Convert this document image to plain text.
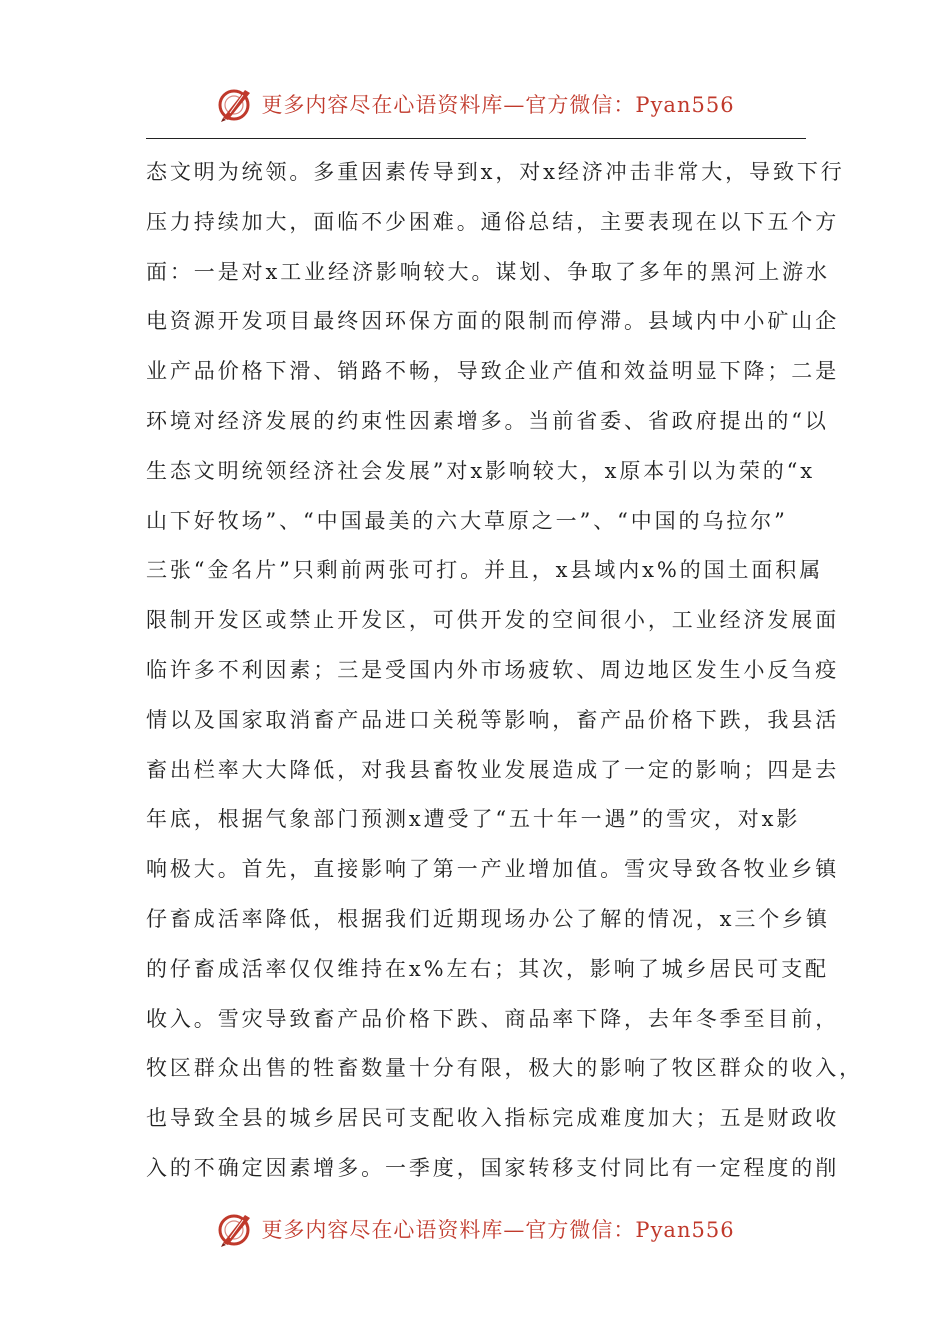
更多内容尽在心语资料库—官方微信：Pyan556
态文明为统领。多重因素传导到x，对x经济冲击非常大，导致下行
压力持续加大，面临不少困难。通俗总结，主要表现在以下五个方
面：一是对x工业经济影响较大。谋划、争取了多年的黑河上游水
电资源开发项目最终因环保方面的限制而停滞。县域内中小矿山企
业产品价格下滑、销路不畅，导致企业产值和效益明显下降；二是
环境对经济发展的约束性因素增多。当前省委、省政府提出的“以
生态文明统领经济社会发展”对x影响较大，x原本引以为荣的“x
山下好牧场”、“中国最美的六大草原之一”、“中国的乌拉尔”
三张“金名片”只剩前两张可打。并且，x县域内x%的国土面积属
限制开发区或禁止开发区，可供开发的空间很小，工业经济发展面
临许多不利因素；三是受国内外市场疲软、周边地区发生小反刍疫
情以及国家取消畜产品进口关税等影响，畜产品价格下跌，我县活
畜出栏率大大降低，对我县畜牧业发展造成了一定的影响；四是去
年底，根据气象部门预测x遭受了“五十年一遇”的雪灾，对x影
响极大。首先，直接影响了第一产业增加值。雪灾导致各牧业乡镇
仔畜成活率降低，根据我们近期现场办公了解的情况，x三个乡镇
的仔畜成活率仅仅维持在x%左右；其次，影响了城乡居民可支配
收入。雪灾导致畜产品价格下跌、商品率下降，去年冬季至目前，
牧区群众出售的牲畜数量十分有限，极大的影响了牧区群众的收入，
也导致全县的城乡居民可支配收入指标完成难度加大；五是财政收
入的不确定因素增多。一季度，国家转移支付同比有一定程度的削
更多内容尽在心语资料库—官方微信：Pyan556
